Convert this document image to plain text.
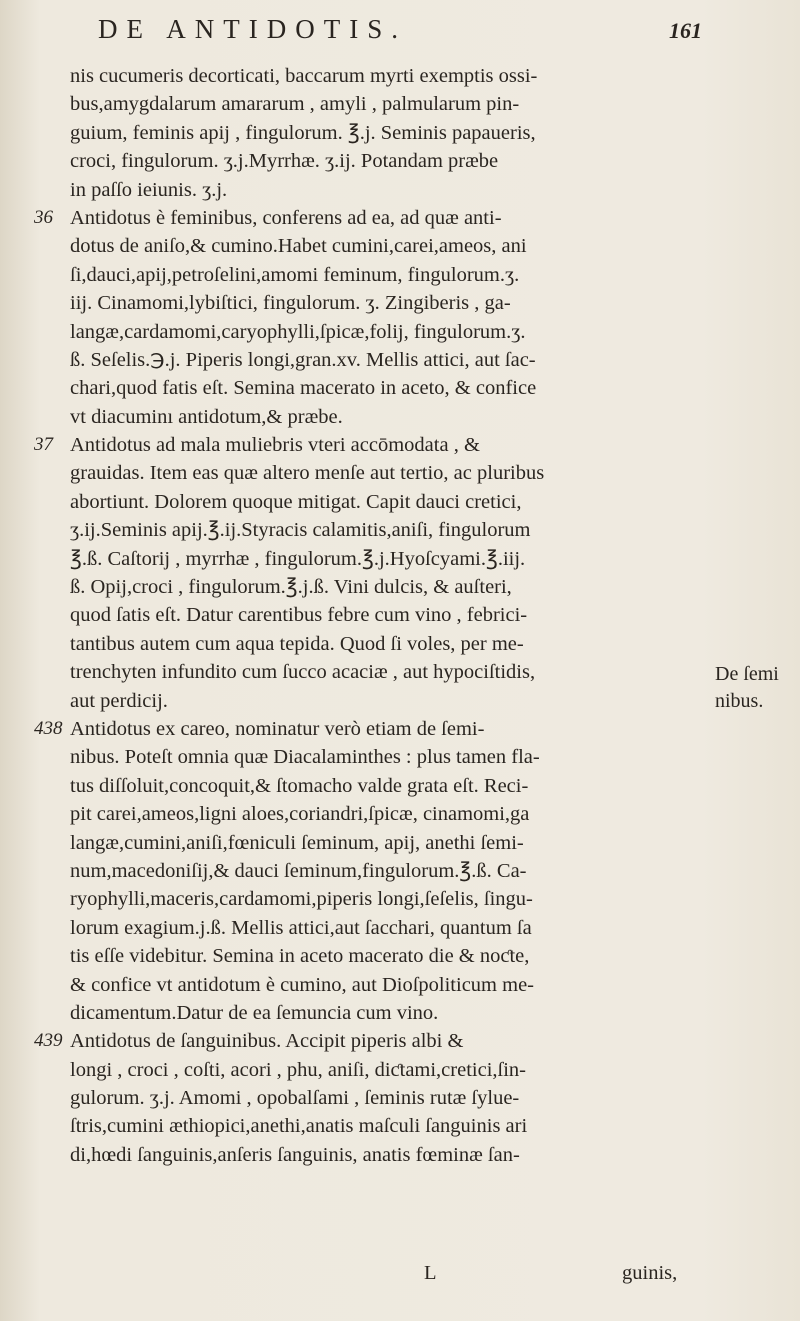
DE ANTIDOTIS.	161
nis cucumeris decorticati, baccarum myrti exemptis ossi-
bus,amygdalarum amararum , amyli , palmularum pin-
guium, feminis apij , fingulorum. ℥.j. Seminis papaueris,
croci, fingulorum. ʒ.j.Myrrhæ. ʒ.ij. Potandam præbe
in paſſo ieiunis. ʒ.j.
36 Antidotus è feminibus, conferens ad ea, ad quæ anti-
dotus de aniſo,& cumino.Habet cumini,carei,ameos, ani
ſi,dauci,apij,petroſelini,amomi feminum, fingulorum.ʒ.
iij. Cinamomi,lybiſtici, fingulorum. ʒ. Zingiberis , ga-
langæ,cardamomi,caryophylli,ſpicæ,folij, fingulorum.ʒ.
ß. Seſelis.℈.j. Piperis longi,gran.xv. Mellis attici, aut ſac-
chari,quod fatis eſt. Semina macerato in aceto, & confice
vt diacuminı antidotum,& præbe.
37 Antidotus ad mala muliebris vteri accōmodata , &
grauidas. Item eas quæ altero menſe aut tertio, ac pluribus
abortiunt. Dolorem quoque mitigat. Capit dauci cretici,
ʒ.ij.Seminis apij.℥.ij.Styracis calamitis,aniſi, fingulorum
℥.ß. Caſtorij , myrrhæ , fingulorum.℥.j.Hyoſcyami.℥.iij.
ß. Opij,croci , fingulorum.℥.j.ß. Vini dulcis, & auſteri,
quod ſatis eſt. Datur carentibus febre cum vino , febrici-
tantibus autem cum aqua tepida. Quod ſi voles, per me-
trenchyten infundito cum ſucco acaciæ , aut hypociſtidis,
aut perdicij.
438 Antidotus ex careo, nominatur verò etiam de ſemi-
nibus. Poteſt omnia quæ Diacalaminthes : plus tamen fla-
tus diſſoluit,concoquit,& ſtomacho valde grata eſt. Reci-
pit carei,ameos,ligni aloes,coriandri,ſpicæ, cinamomi,ga
langæ,cumini,aniſi,fœniculi ſeminum, apij, anethi ſemi-
num,macedoniſij,& dauci ſeminum,fingulorum.℥.ß. Ca-
ryophylli,maceris,cardamomi,piperis longi,ſeſelis, ſingu-
lorum exagium.j.ß. Mellis attici,aut ſacchari, quantum ſa
tis eſſe videbitur. Semina in aceto macerato die & noƈte,
& confice vt antidotum è cumino, aut Dioſpoliticum me-
dicamentum.Datur de ea ſemuncia cum vino.
439 Antidotus de ſanguinibus. Accipit piperis albi &
longi , croci , coſti, acori , phu, aniſi, diƈtami,cretici,ſin-
gulorum. ʒ.j. Amomi , opobalſami , ſeminis rutæ ſylue-
ſtris,cumini æthiopici,anethi,anatis maſculi ſanguinis ari
di,hœdi ſanguinis,anſeris ſanguinis, anatis fœminæ ſan-
De ſemi
nibus.
L	guinis,
